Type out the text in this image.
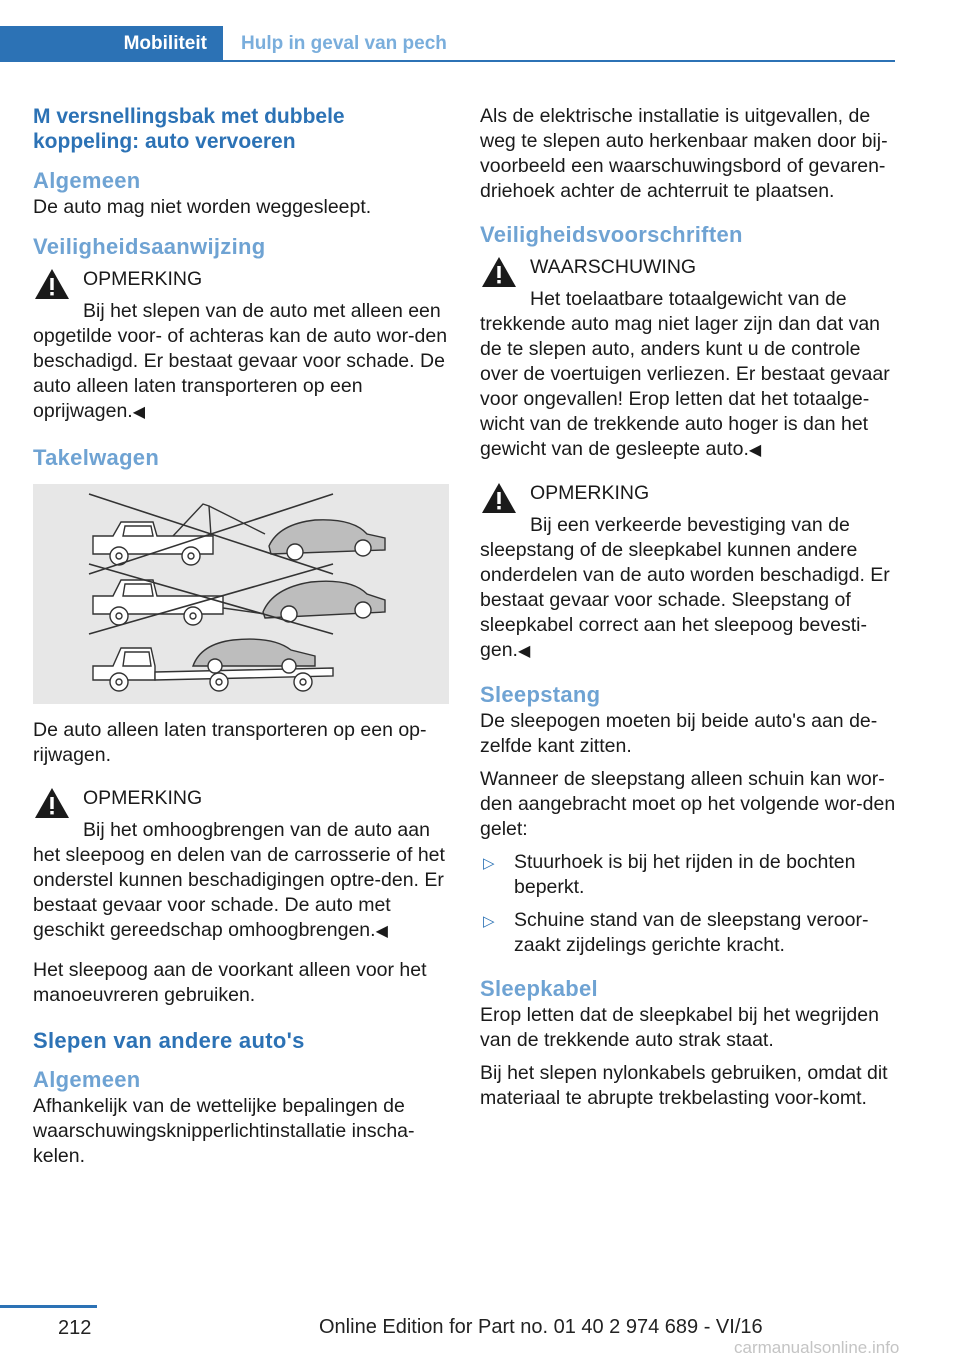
Mobiliteit Hulp in geval van pech
M versnellingsbak met dubbele koppeling: auto vervoeren
Algemeen

De auto mag niet worden weggesleept.

Veiligheidsaanwijzing
OPMERKING
Bij het slepen van de auto met alleen een opgetilde voor- of achteras kan de auto wor-den beschadigd. Er bestaat gevaar voor schade. De auto alleen laten transporteren op een oprijwagen.◀
Takelwagen

De auto alleen laten transporteren op een op-rijwagen.

OPMERKING
Bij het omhoogbrengen van de auto aan het sleepoog en delen van de carrosserie of het onderstel kunnen beschadigingen optre-den. Er bestaat gevaar voor schade. De auto met geschikt gereedschap omhoogbrengen.◀

Het sleepoog aan de voorkant alleen voor het manoeuvreren gebruiken.

Slepen van andere auto's
Algemeen

Afhankelijk van de wettelijke bepalingen de waarschuwingsknipperlichtinstallatie inscha-kelen.

Als de elektrische installatie is uitgevallen, de weg te slepen auto herkenbaar maken door bij-voorbeeld een waarschuwingsbord of gevaren-driehoek achter de achterruit te plaatsen.

Veiligheidsvoorschriften
WAARSCHUWING
Het toelaatbare totaalgewicht van de trekkende auto mag niet lager zijn dan dat van de te slepen auto, anders kunt u de controle over de voertuigen verliezen. Er bestaat gevaar voor ongevallen! Erop letten dat het totaalge-wicht van de trekkende auto hoger is dan het gewicht van de gesleepte auto.◀
OPMERKING
Bij een verkeerde bevestiging van de sleepstang of de sleepkabel kunnen andere onderdelen van de auto worden beschadigd. Er bestaat gevaar voor schade. Sleepstang of sleepkabel correct aan het sleepoog bevesti-gen.◀
Sleepstang

De sleepogen moeten bij beide auto's aan de-zelfde kant zitten.

Wanneer de sleepstang alleen schuin kan wor-den aangebracht moet op het volgende wor-den gelet:

▷ Stuurhoek is bij het rijden in de bochten beperkt.
▷ Schuine stand van de sleepstang veroor-zaakt zijdelings gerichte kracht.
Sleepkabel

Erop letten dat de sleepkabel bij het wegrijden van de trekkende auto strak staat.

Bij het slepen nylonkabels gebruiken, omdat dit materiaal te abrupte trekbelasting voor-komt.

212	Online Edition for Part no. 01 40 2 974 689 - VI/16
carmanualsonline.info
